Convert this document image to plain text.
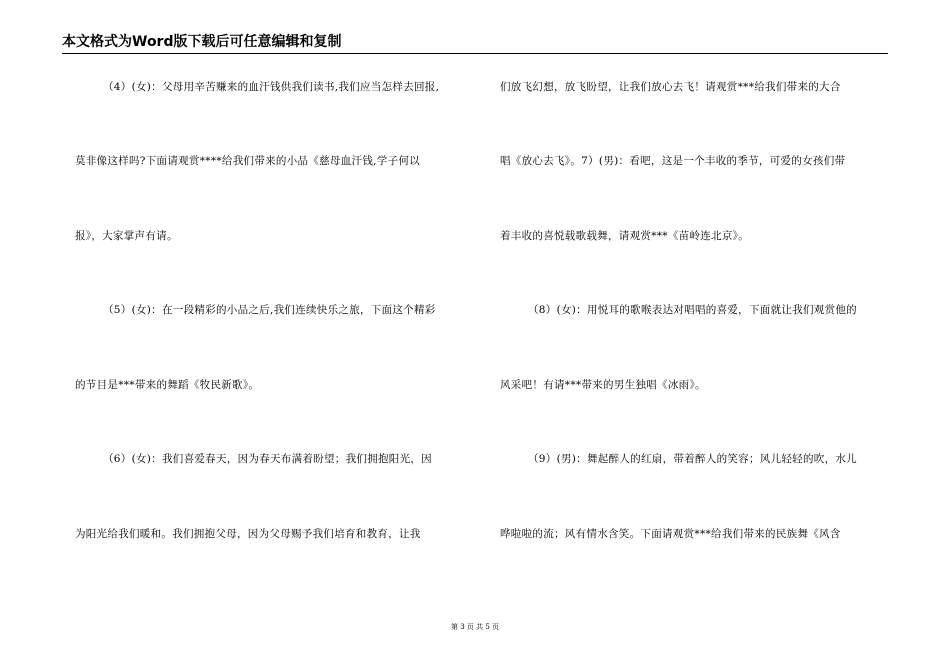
本文格式为Word版下载后可任意编辑和复制
（4）(女)：父母用辛苦赚来的血汗钱供我们读书,我们应当怎样去回报,
莫非像这样吗?下面请观赏****给我们带来的小品《慈母血汗钱,学子何以
报》，大家掌声有请。
（5）(女)：在一段精彩的小品之后,我们连续快乐之旅，下面这个精彩
的节目是***带来的舞蹈《牧民新歌》。
（6）(女)：我们喜爱春天，因为春天布满着盼望；我们拥抱阳光，因
为阳光给我们暖和。我们拥抱父母，因为父母赐予我们培育和教育，让我
们放飞幻想，放飞盼望，让我们放心去飞！请观赏***给我们带来的大合
唱《放心去飞》。7）(男)：看吧，这是一个丰收的季节，可爱的女孩们带
着丰收的喜悦载歌载舞，请观赏***《苗岭连北京》。
（8）(女)：用悦耳的歌喉表达对唱唱的喜爱，下面就让我们观赏他的
风采吧！有请***带来的男生独唱《冰雨》。
（9）(男)：舞起醉人的红扇，带着醉人的笑容；风儿轻轻的吹，水儿
哗啦啦的流；风有情水含笑。下面请观赏***给我们带来的民族舞《风含
第 3 页 共 5 页
